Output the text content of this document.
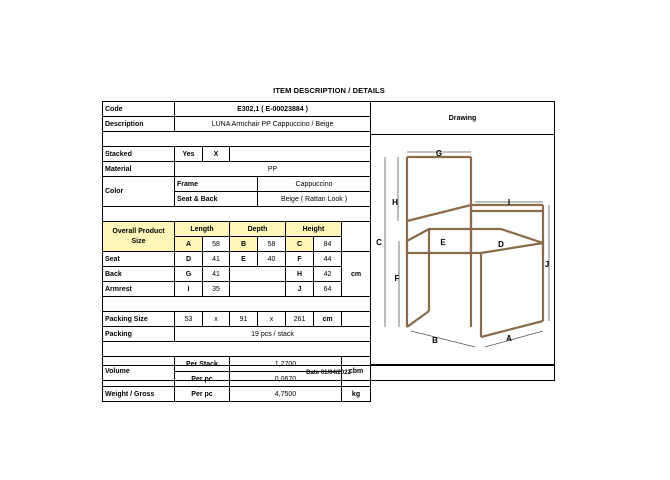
ITEM DESCRIPTION / DETAILS
Code	E302,1 ( E-00023884 )						
Description	LUNA Armchair PP Cappuccino / Beige						

Stacked	Yes	X					
Material	PP						
Color	Frame			Cappuccino			
	Seat & Back			Beige ( Rattan Look )			

Overall Product Size	Length		Depth		Height		
	A	58	B	58	C	84	
Seat	D	41	E	40	F	44	cm
Back	G	41			H	42	
Armrest	I	35			J	64	

Packing Size	53	x	91	x	261	cm	
Packing	19 pcs / stack						

Volume	Per Stack		1,2700				cbm
	Per pc		0,0670				
Weight / Gross	Per pc		4,7500				kg
Drawing
G
H	I
C	E	D
J
F
B	A
Date 01/04/2022
